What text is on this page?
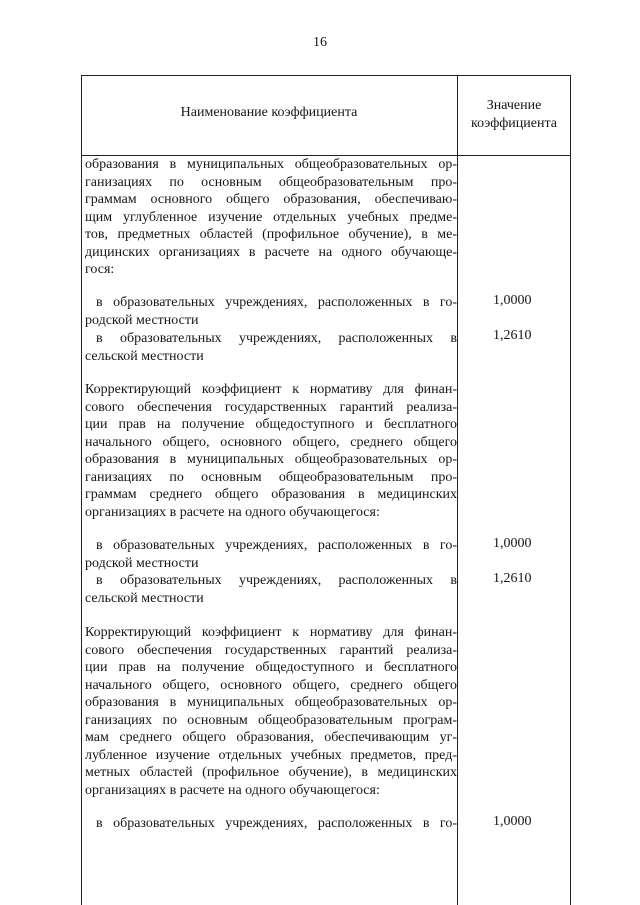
16
Наименование коэффициента	Значение
коэффициента
образования в муниципальных общеобразовательных ор-
ганизациях по основным общеобразовательным про-
граммам основного общего образования, обеспечиваю-
щим углубленное изучение отдельных учебных предме-
тов, предметных областей (профильное обучение), в ме-
дицинских организациях в расчете на одного обучающе-
гося:
в образовательных учреждениях, расположенных в го-
родской местности
1,0000
в образовательных учреждениях, расположенных в
сельской местности
1,2610
Корректирующий коэффициент к нормативу для финан-
сового обеспечения государственных гарантий реализа-
ции прав на получение общедоступного и бесплатного
начального общего, основного общего, среднего общего
образования в муниципальных общеобразовательных ор-
ганизациях по основным общеобразовательным про-
граммам среднего общего образования в медицинских
организациях в расчете на одного обучающегося:
в образовательных учреждениях, расположенных в го-
родской местности
1,0000
в образовательных учреждениях, расположенных в
сельской местности
1,2610
Корректирующий коэффициент к нормативу для финан-
сового обеспечения государственных гарантий реализа-
ции прав на получение общедоступного и бесплатного
начального общего, основного общего, среднего общего
образования в муниципальных общеобразовательных ор-
ганизациях по основным общеобразовательным програм-
мам среднего общего образования, обеспечивающим уг-
лубленное изучение отдельных учебных предметов, пред-
метных областей (профильное обучение), в медицинских
организациях в расчете на одного обучающегося:
в образовательных учреждениях, расположенных в го-	1,0000
